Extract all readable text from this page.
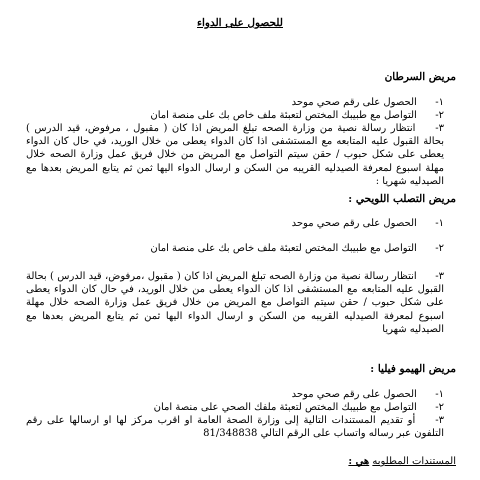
للحصول على الدواء
مريض السرطان

١- الحصول على رقم صحي موحد

٢- التواصل مع طبيبك المختص لتعبئة ملف خاص بك على منصة امان

٣- انتظار رسالة نصية من وزارة الصحه تبلغ المريض اذا كان ( مقبول ، مرفوض، قيد الدرس ) بحالة القبول عليه المتابعه مع المستشفى اذا كان الدواء يعطى من خلال الوريد، في حال كان الدواء يعطى على شكل حبوب / حقن سيتم التواصل مع المريض من خلال فريق عمل وزارة الصحه خلال مهلة اسبوع لمعرفة الصيدليه القريبه من السكن و ارسال الدواء اليها ثمن ثم يتابع المريض بعدها مع الصيدليه شهريا :

مريض التصلب اللويحي :

١- الحصول على رقم صحي موحد

٢- التواصل مع طبيبك المختص لتعبئة ملف خاص بك على منصة امان

٣- انتظار رسالة نصية من وزارة الصحه تبلغ المريض اذا كان ( مقبول ،مرفوض، قيد الدرس ) بحالة القبول عليه المتابعه مع المستشفى اذا كان الدواء يعطى من خلال الوريد، في حال كان الدواء يعطى على شكل حبوب / حقن سيتم التواصل مع المريض من خلال فريق عمل وزارة الصحه خلال مهلة اسبوع لمعرفة الصيدليه القريبه من السكن و ارسال الدواء اليها ثمن ثم يتابع المريض بعدها مع الصيدليه شهريا

مريض الهيمو فيليا :

١- الحصول على رقم صحي موحد

٢- التواصل مع طبيبك المختص لتعبئة ملفك الصحي على منصة امان

٣- أو تقديم المستندات التالية إلى وزارة الصحة العامة او اقرب مركز لها او ارسالها على رقم التلفون عبر رساله واتساب على الرقم التالي 81/348838

المستندات المطلوبه هي :
